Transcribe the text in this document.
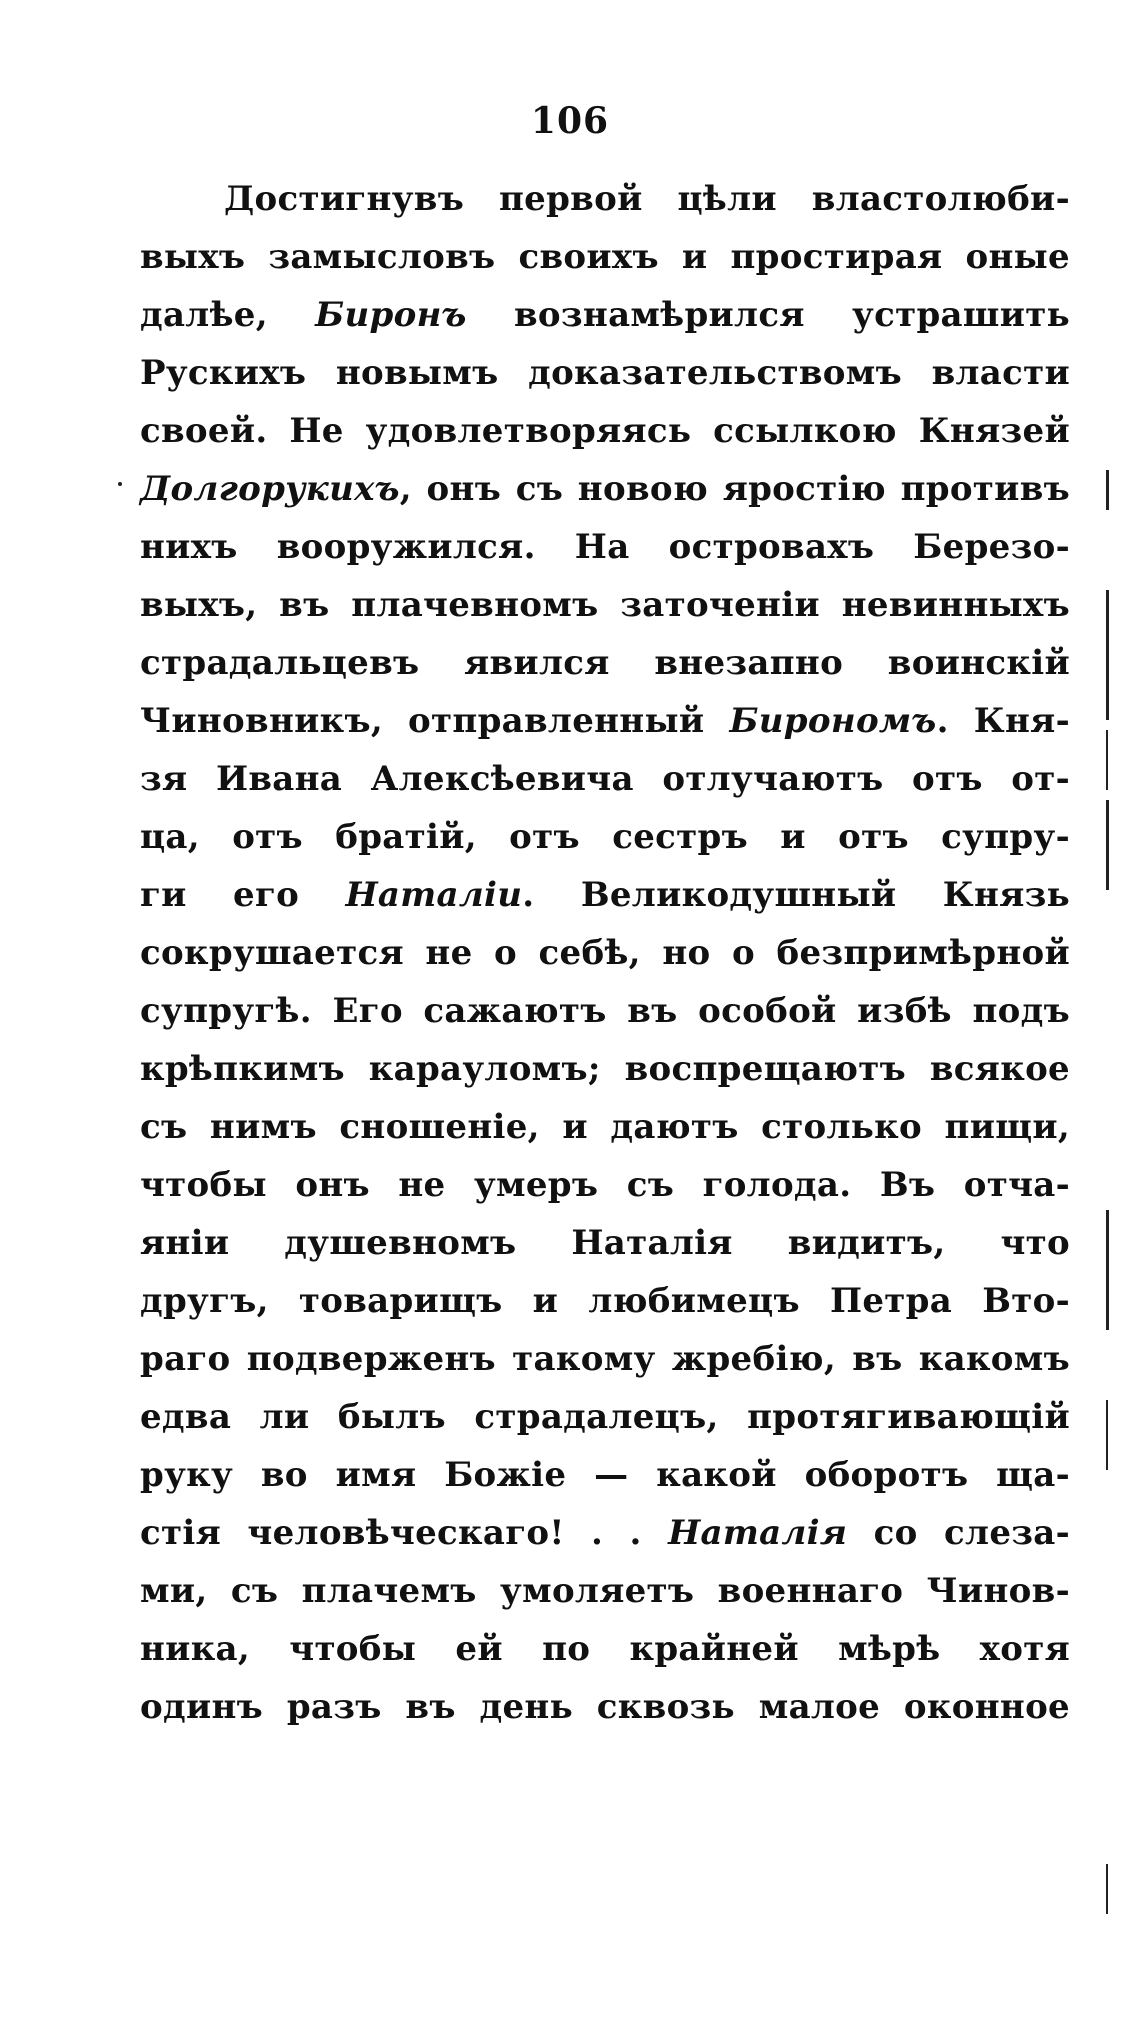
106
Достигнувъ первой цѣли властолюби-
выхъ замысловъ своихъ и простирая оные
далѣе, Биронъ вознамѣрился устрашить
Рускихъ новымъ доказательствомъ власти
своей. Не удовлетворяясь ссылкою Князей
Долгорукихъ, онъ съ новою яростію противъ
нихъ вооружился. На островахъ Березо-
выхъ, въ плачевномъ заточеніи невинныхъ
страдальцевъ явился внезапно воинскій
Чиновникъ, отправленный Бирономъ. Кня-
зя Ивана Алексѣевича отлучаютъ отъ от-
ца, отъ братій, отъ сестръ и отъ супру-
ги его Наталіи. Великодушный Князь
сокрушается не о себѣ, но о безпримѣрной
супругѣ. Его сажаютъ въ особой избѣ подъ
крѣпкимъ карауломъ; воспрещаютъ всякое
съ нимъ сношеніе, и даютъ столько пищи,
чтобы онъ не умеръ съ голода. Въ отча-
яніи душевномъ Наталія видитъ, что
другъ, товарищъ и любимецъ Петра Вто-
раго подверженъ такому жребію, въ какомъ
едва ли былъ страдалецъ, протягивающій
руку во имя Божіе — какой оборотъ ща-
стія человѣческаго! . . Наталія со слеза-
ми, съ плачемъ умоляетъ военнаго Чинов-
ника, чтобы ей по крайней мѣрѣ хотя
одинъ разъ въ день сквозь малое оконное
